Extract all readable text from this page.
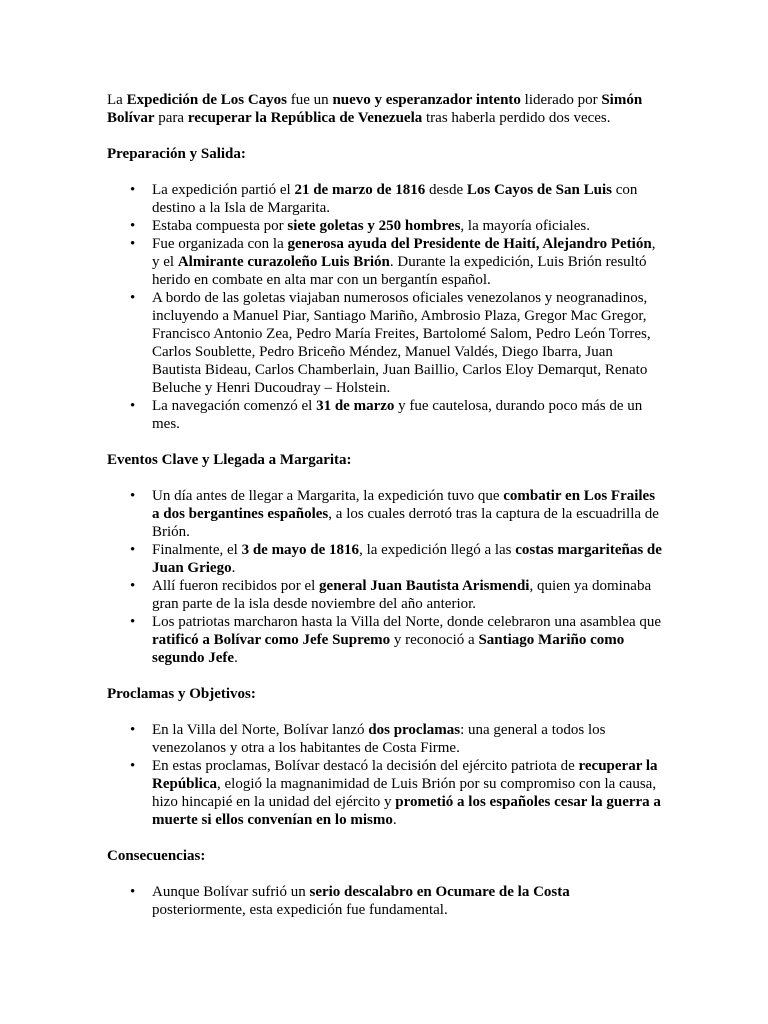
La Expedición de Los Cayos fue un nuevo y esperanzador intento liderado por Simón Bolívar para recuperar la República de Venezuela tras haberla perdido dos veces.

Preparación y Salida:

• La expedición partió el 21 de marzo de 1816 desde Los Cayos de San Luis con destino a la Isla de Margarita.
• Estaba compuesta por siete goletas y 250 hombres, la mayoría oficiales.
• Fue organizada con la generosa ayuda del Presidente de Haití, Alejandro Petión, y el Almirante curazoleño Luis Brión. Durante la expedición, Luis Brión resultó herido en combate en alta mar con un bergantín español.
• A bordo de las goletas viajaban numerosos oficiales venezolanos y neogranadinos, incluyendo a Manuel Piar, Santiago Mariño, Ambrosio Plaza, Gregor Mac Gregor, Francisco Antonio Zea, Pedro María Freites, Bartolomé Salom, Pedro León Torres, Carlos Soublette, Pedro Briceño Méndez, Manuel Valdés, Diego Ibarra, Juan Bautista Bideau, Carlos Chamberlain, Juan Baillio, Carlos Eloy Demarqut, Renato Beluche y Henri Ducoudray – Holstein.
• La navegación comenzó el 31 de marzo y fue cautelosa, durando poco más de un mes.

Eventos Clave y Llegada a Margarita:

• Un día antes de llegar a Margarita, la expedición tuvo que combatir en Los Frailes a dos bergantines españoles, a los cuales derrotó tras la captura de la escuadrilla de Brión.
• Finalmente, el 3 de mayo de 1816, la expedición llegó a las costas margariteñas de Juan Griego.
• Allí fueron recibidos por el general Juan Bautista Arismendi, quien ya dominaba gran parte de la isla desde noviembre del año anterior.
• Los patriotas marcharon hasta la Villa del Norte, donde celebraron una asamblea que ratificó a Bolívar como Jefe Supremo y reconoció a Santiago Mariño como segundo Jefe.

Proclamas y Objetivos:

• En la Villa del Norte, Bolívar lanzó dos proclamas: una general a todos los venezolanos y otra a los habitantes de Costa Firme.
• En estas proclamas, Bolívar destacó la decisión del ejército patriota de recuperar la República, elogió la magnanimidad de Luis Brión por su compromiso con la causa, hizo hincapié en la unidad del ejército y prometió a los españoles cesar la guerra a muerte si ellos convenían en lo mismo.

Consecuencias:

• Aunque Bolívar sufrió un serio descalabro en Ocumare de la Costa posteriormente, esta expedición fue fundamental.
